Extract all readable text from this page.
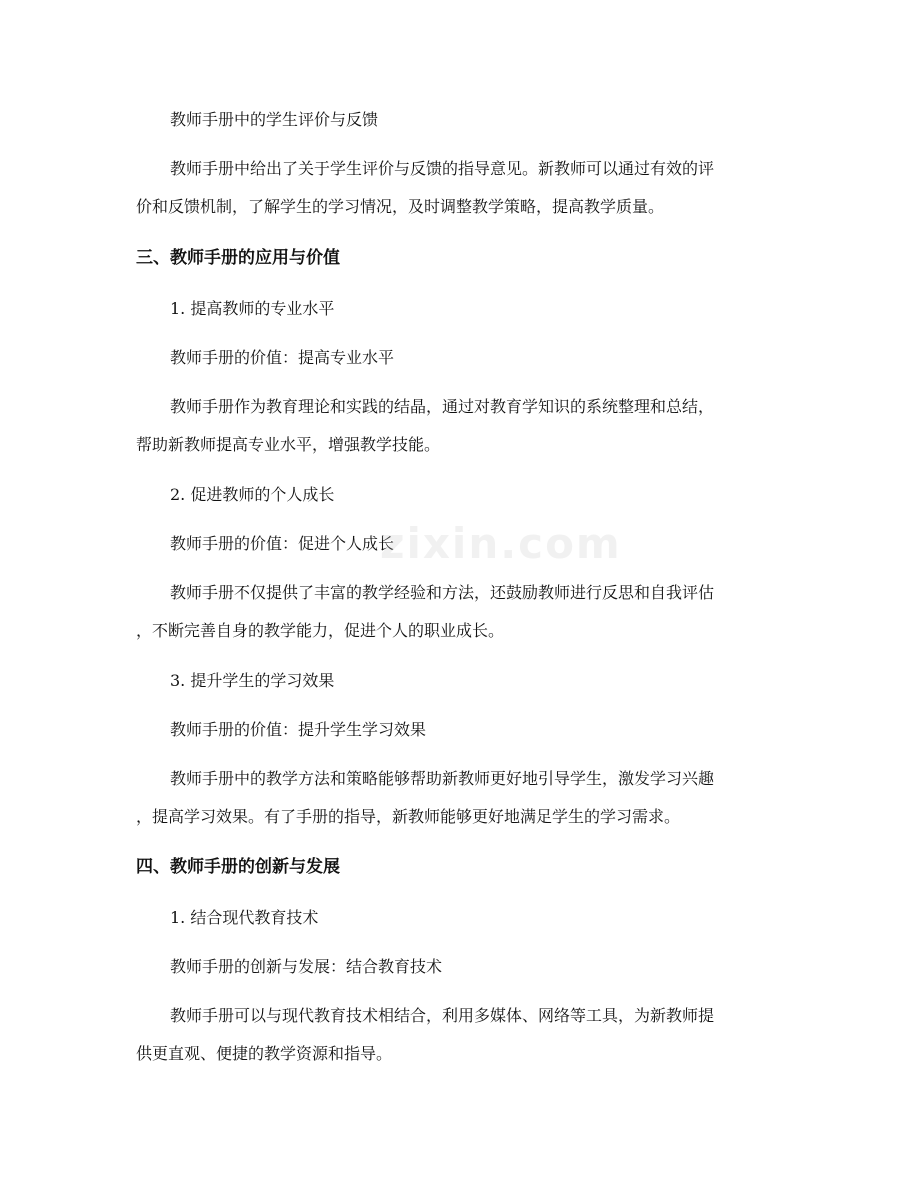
教师手册中的学生评价与反馈

教师手册中给出了关于学生评价与反馈的指导意见。新教师可以通过有效的评

价和反馈机制，了解学生的学习情况，及时调整教学策略，提高教学质量。

三、教师手册的应用与价值

1. 提高教师的专业水平

教师手册的价值：提高专业水平

教师手册作为教育理论和实践的结晶，通过对教育学知识的系统整理和总结，

帮助新教师提高专业水平，增强教学技能。

2. 促进教师的个人成长

教师手册的价值：促进个人成长

教师手册不仅提供了丰富的教学经验和方法，还鼓励教师进行反思和自我评估

，不断完善自身的教学能力，促进个人的职业成长。

3. 提升学生的学习效果

教师手册的价值：提升学生学习效果

教师手册中的教学方法和策略能够帮助新教师更好地引导学生，激发学习兴趣

，提高学习效果。有了手册的指导，新教师能够更好地满足学生的学习需求。

四、教师手册的创新与发展

1. 结合现代教育技术

教师手册的创新与发展：结合教育技术

教师手册可以与现代教育技术相结合，利用多媒体、网络等工具，为新教师提

供更直观、便捷的教学资源和指导。

zixin.com
